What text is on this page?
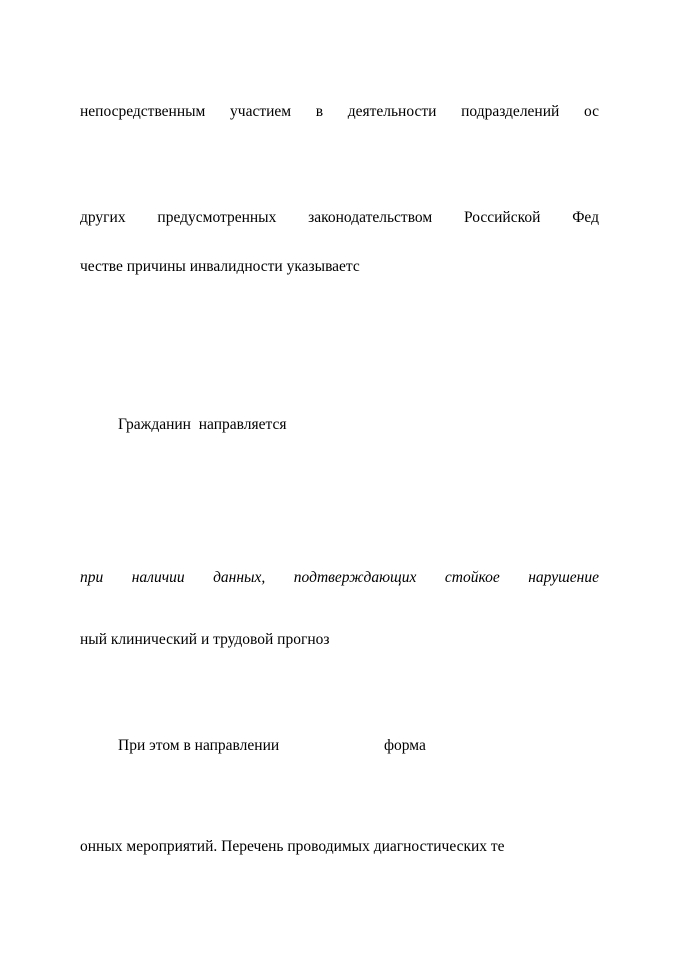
непосредственным участием в деятельности подразделений ос

других предусмотренных законодательством Российской Фед

честве причины инвалидности указываетс

Гражданин  направляется

при наличии данных, подтверждающих стойкое нарушение

ный клинический и трудовой прогноз

При этом в направлении	форма

онных мероприятий. Перечень проводимых диагностических те
